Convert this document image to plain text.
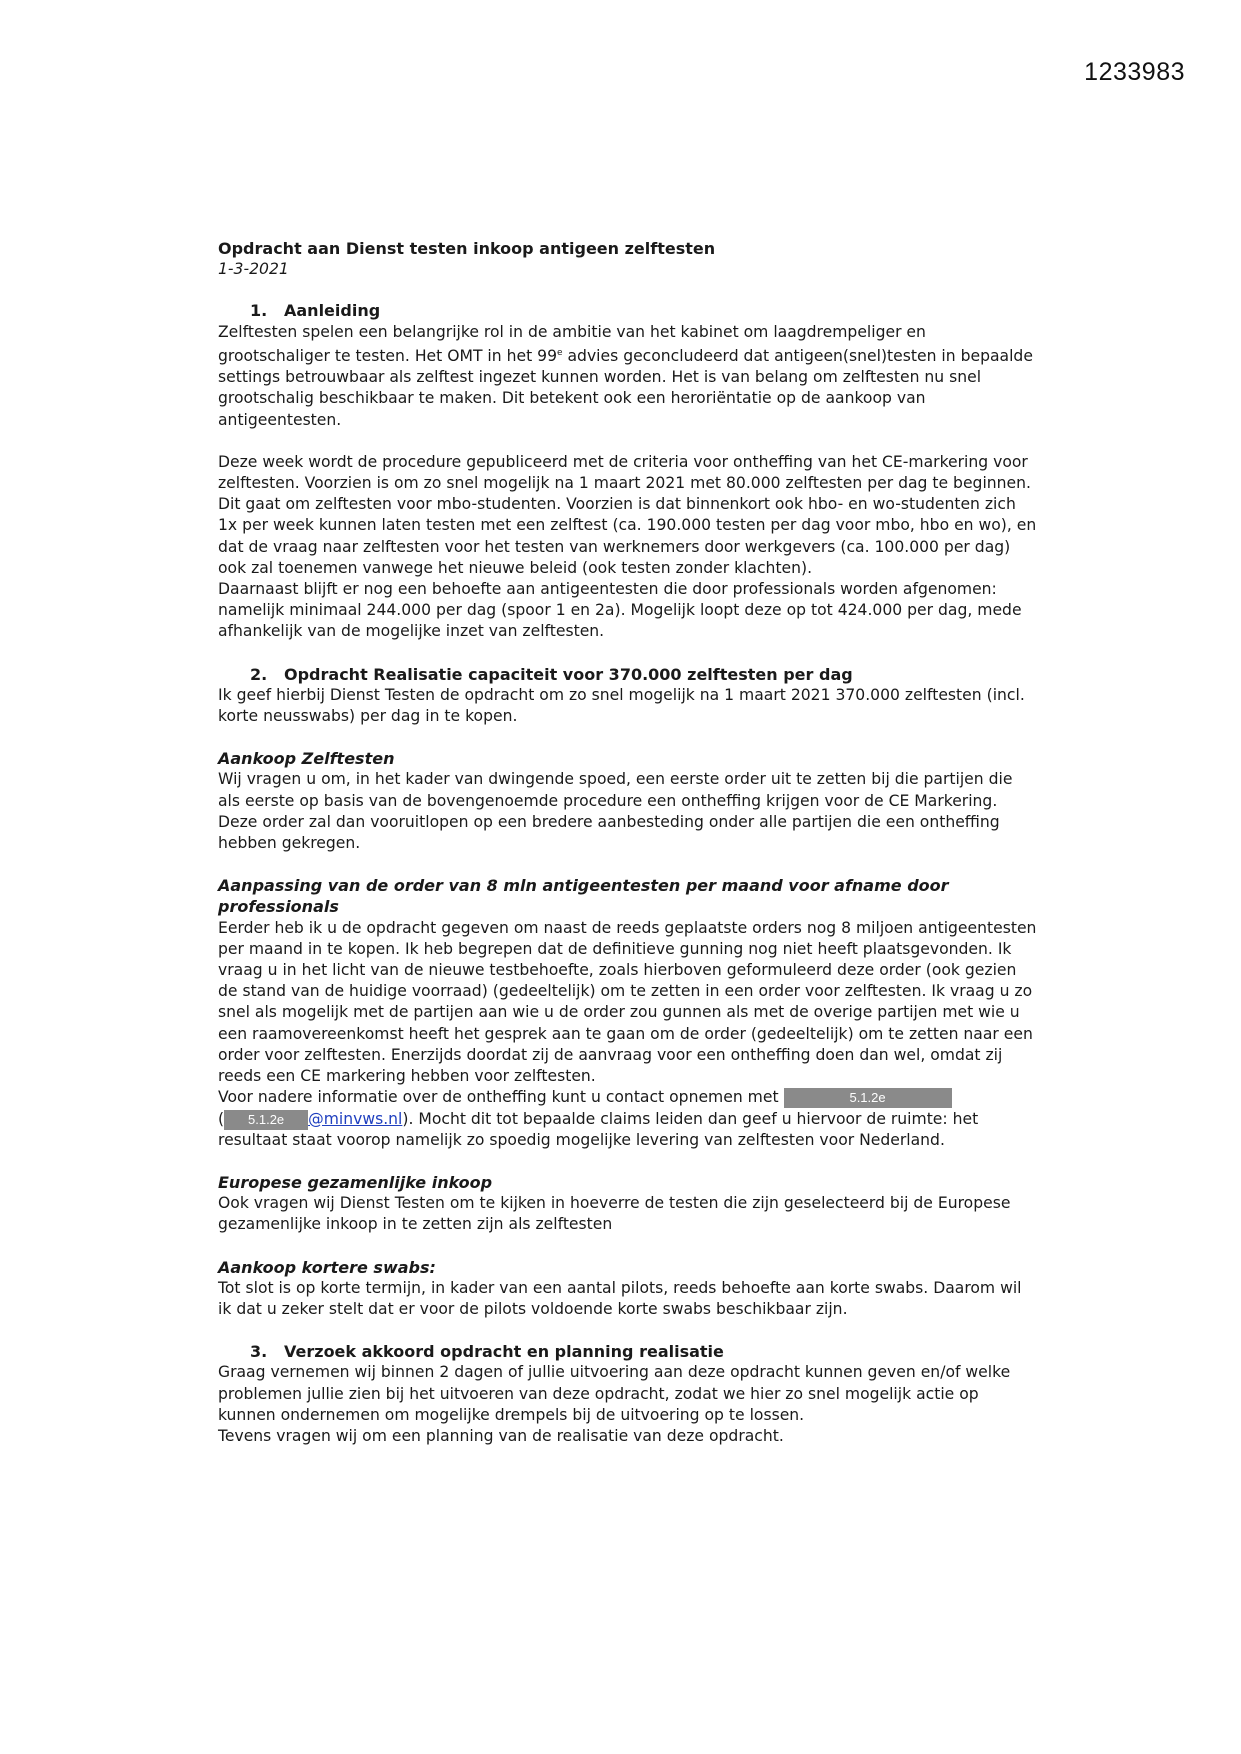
1233983

Opdracht aan Dienst testen inkoop antigeen zelftesten

1-3-2021

1.	Aanleiding

Zelftesten spelen een belangrijke rol in de ambitie van het kabinet om laagdrempeliger en grootschaliger te testen. Het OMT in het 99e advies geconcludeerd dat antigeen(snel)testen in bepaalde settings betrouwbaar als zelftest ingezet kunnen worden. Het is van belang om zelftesten nu snel grootschalig beschikbaar te maken. Dit betekent ook een heroriëntatie op de aankoop van antigeentesten.

Deze week wordt de procedure gepubliceerd met de criteria voor ontheffing van het CE-markering voor zelftesten. Voorzien is om zo snel mogelijk na 1 maart 2021 met 80.000 zelftesten per dag te beginnen. Dit gaat om zelftesten voor mbo-studenten. Voorzien is dat binnenkort ook hbo- en wo-studenten zich 1x per week kunnen laten testen met een zelftest (ca. 190.000 testen per dag voor mbo, hbo en wo), en dat de vraag naar zelftesten voor het testen van werknemers door werkgevers (ca. 100.000 per dag) ook zal toenemen vanwege het nieuwe beleid (ook testen zonder klachten).

Daarnaast blijft er nog een behoefte aan antigeentesten die door professionals worden afgenomen: namelijk minimaal 244.000 per dag (spoor 1 en 2a). Mogelijk loopt deze op tot 424.000 per dag, mede afhankelijk van de mogelijke inzet van zelftesten.

2.	Opdracht Realisatie capaciteit voor 370.000 zelftesten per dag

Ik geef hierbij Dienst Testen de opdracht om zo snel mogelijk na 1 maart 2021 370.000 zelftesten (incl. korte neusswabs) per dag in te kopen.

Aankoop Zelftesten

Wij vragen u om, in het kader van dwingende spoed, een eerste order uit te zetten bij die partijen die als eerste op basis van de bovengenoemde procedure een ontheffing krijgen voor de CE Markering. Deze order zal dan vooruitlopen op een bredere aanbesteding onder alle partijen die een ontheffing hebben gekregen.

Aanpassing van de order van 8 mln antigeentesten per maand voor afname door professionals

Eerder heb ik u de opdracht gegeven om naast de reeds geplaatste orders nog 8 miljoen antigeentesten per maand in te kopen. Ik heb begrepen dat de definitieve gunning nog niet heeft plaatsgevonden. Ik vraag u in het licht van de nieuwe testbehoefte, zoals hierboven geformuleerd deze order (ook gezien de stand van de huidige voorraad) (gedeeltelijk) om te zetten in een order voor zelftesten. Ik vraag u zo snel als mogelijk met de partijen aan wie u de order zou gunnen als met de overige partijen met wie u een raamovereenkomst heeft het gesprek aan te gaan om de order (gedeeltelijk) om te zetten naar een order voor zelftesten. Enerzijds doordat zij de aanvraag voor een ontheffing doen dan wel, omdat zij reeds een CE markering hebben voor zelftesten.

Voor nadere informatie over de ontheffing kunt u contact opnemen met	5.1.2e
( 5.1.2e @minvws.nl). Mocht dit tot bepaalde claims leiden dan geef u hiervoor de ruimte: het resultaat staat voorop namelijk zo spoedig mogelijke levering van zelftesten voor Nederland.

Europese gezamenlijke inkoop

Ook vragen wij Dienst Testen om te kijken in hoeverre de testen die zijn geselecteerd bij de Europese gezamenlijke inkoop in te zetten zijn als zelftesten

Aankoop kortere swabs:

Tot slot is op korte termijn, in kader van een aantal pilots, reeds behoefte aan korte swabs. Daarom wil ik dat u zeker stelt dat er voor de pilots voldoende korte swabs beschikbaar zijn.

3.	Verzoek akkoord opdracht en planning realisatie

Graag vernemen wij binnen 2 dagen of jullie uitvoering aan deze opdracht kunnen geven en/of welke problemen jullie zien bij het uitvoeren van deze opdracht, zodat we hier zo snel mogelijk actie op kunnen ondernemen om mogelijke drempels bij de uitvoering op te lossen.

Tevens vragen wij om een planning van de realisatie van deze opdracht.
